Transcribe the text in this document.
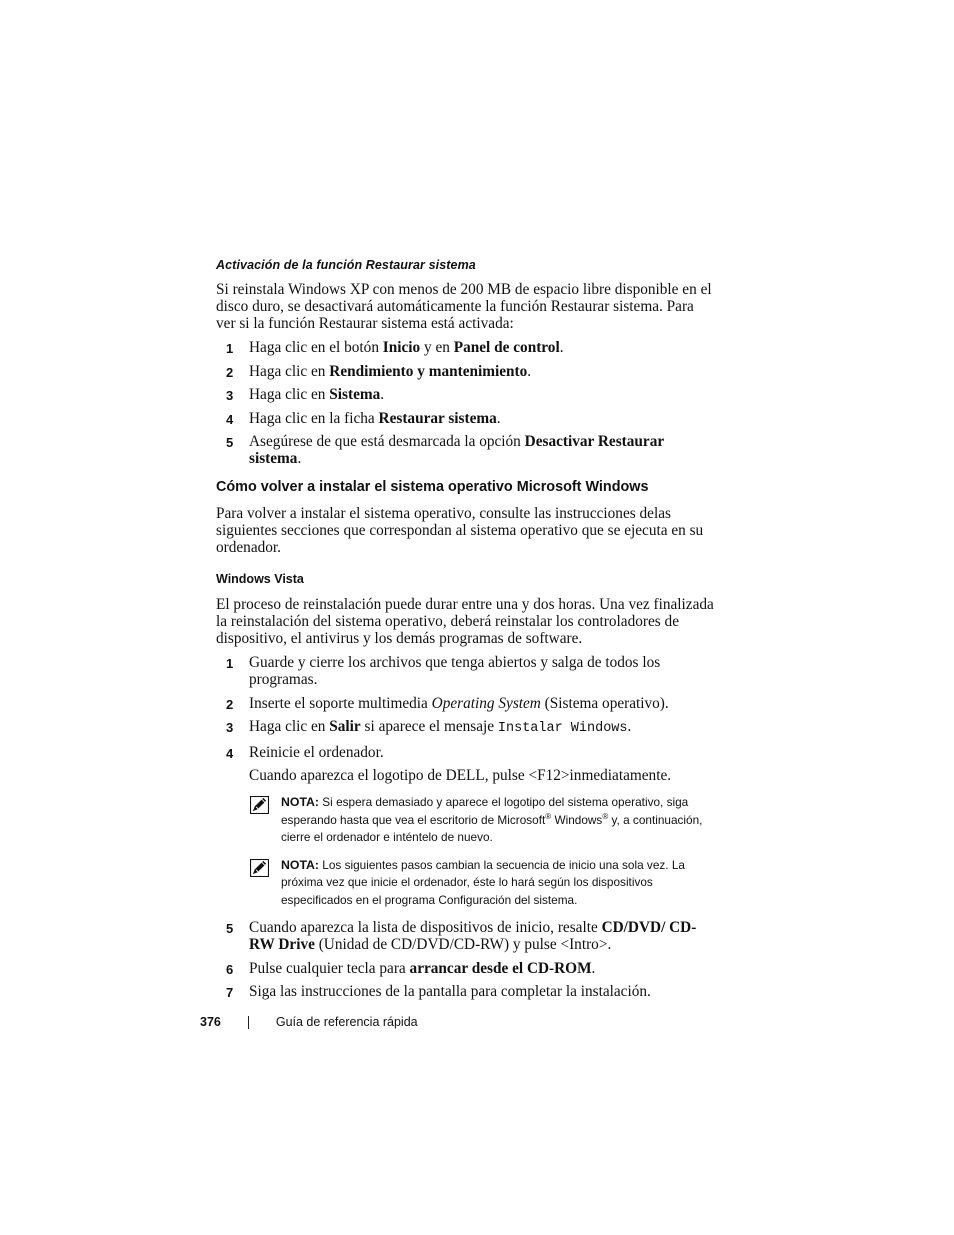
Activación de la función Restaurar sistema

Si reinstala Windows XP con menos de 200 MB de espacio libre disponible en el disco duro, se desactivará automáticamente la función Restaurar sistema. Para ver si la función Restaurar sistema está activada:

1 Haga clic en el botón Inicio y en Panel de control.
2 Haga clic en Rendimiento y mantenimiento.
3 Haga clic en Sistema.
4 Haga clic en la ficha Restaurar sistema.
5 Asegúrese de que está desmarcada la opción Desactivar Restaurar sistema.
Cómo volver a instalar el sistema operativo Microsoft Windows

Para volver a instalar el sistema operativo, consulte las instrucciones delas siguientes secciones que correspondan al sistema operativo que se ejecuta en su ordenador.

Windows Vista

El proceso de reinstalación puede durar entre una y dos horas. Una vez finalizada la reinstalación del sistema operativo, deberá reinstalar los controladores de dispositivo, el antivirus y los demás programas de software.

1 Guarde y cierre los archivos que tenga abiertos y salga de todos los programas.
2 Inserte el soporte multimedia Operating System (Sistema operativo).
3 Haga clic en Salir si aparece el mensaje Instalar Windows.
4 Reinicie el ordenador.

Cuando aparezca el logotipo de DELL, pulse <F12>inmediatamente.

NOTA: Si espera demasiado y aparece el logotipo del sistema operativo, siga esperando hasta que vea el escritorio de Microsoft® Windows® y, a continuación, cierre el ordenador e inténtelo de nuevo.

NOTA: Los siguientes pasos cambian la secuencia de inicio una sola vez. La próxima vez que inicie el ordenador, éste lo hará según los dispositivos especificados en el programa Configuración del sistema.

5 Cuando aparezca la lista de dispositivos de inicio, resalte CD/DVD/ CD-RW Drive (Unidad de CD/DVD/CD-RW) y pulse <Intro>.
6 Pulse cualquier tecla para arrancar desde el CD-ROM.
7 Siga las instrucciones de la pantalla para completar la instalación.
376	Guía de referencia rápida
